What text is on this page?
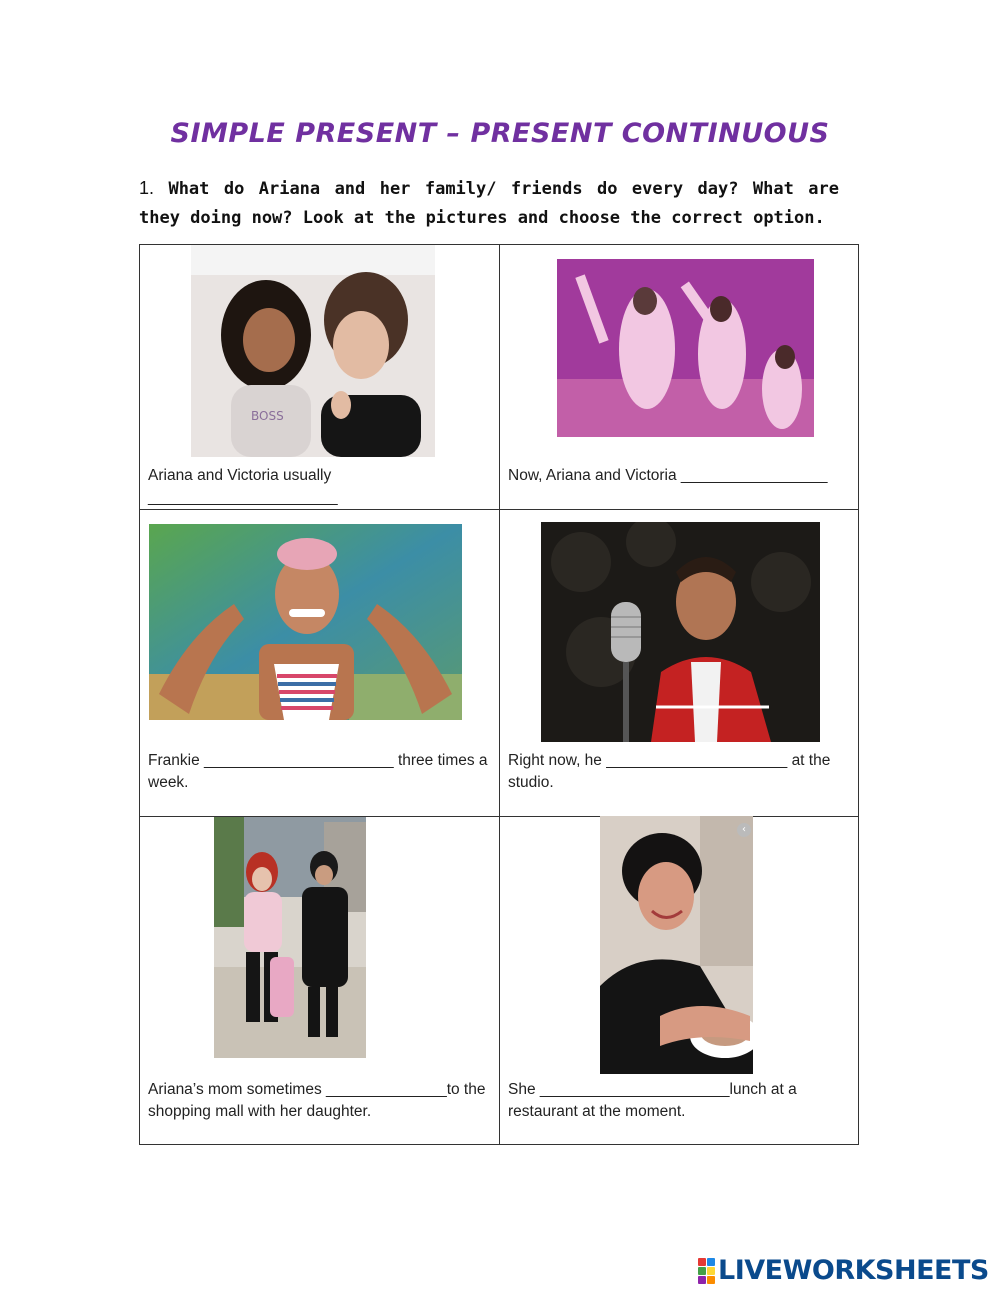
SIMPLE PRESENT – PRESENT CONTINUOUS
1. What do Ariana and her family/ friends do every day? What are they doing now? Look at the pictures and choose the correct option.
BOSS
Ariana and Victoria usually ______________________
Now, Ariana and Victoria _________________
Frankie ______________________ three times a week.
Right now, he _____________________ at the studio.
Ariana’s mom sometimes ______________to the shopping mall with her daughter.
‹
She ______________________lunch at a restaurant at the moment.
LIVEWORKSHEETS
